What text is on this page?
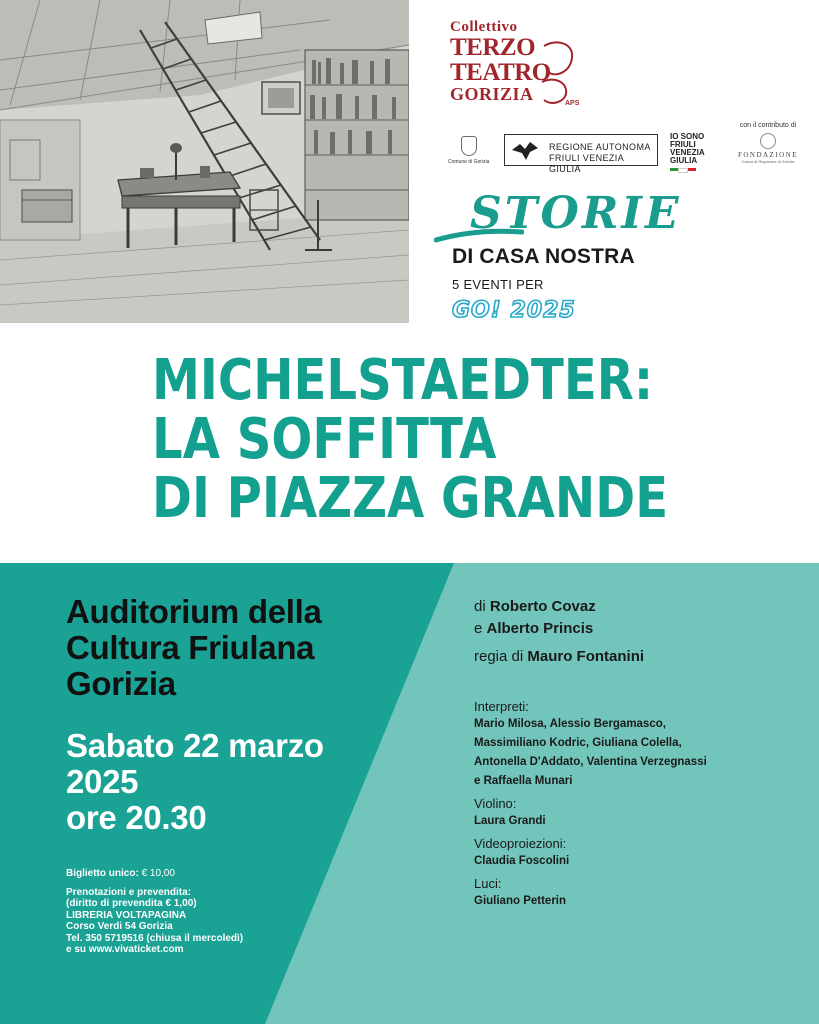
Collettivo
TERZO
TEATRO
GORIZIA	APS
Comune di Gorizia
REGIONE AUTONOMA
FRIULI VENEZIA GIULIA
IO SONO
FRIULI
VENEZIA
GIULIA
con il contributo di
FONDAZIONE
Cassa di Risparmio di Gorizia
STORIE
DI CASA NOSTRA
5 EVENTI PER
GO! 2025
MICHELSTAEDTER:
LA SOFFITTA
DI PIAZZA GRANDE
Auditorium della
Cultura Friulana
Gorizia
Sabato 22 marzo
2025
ore 20.30
Biglietto unico: € 10,00
Prenotazioni e prevendita:
(diritto di prevendita € 1,00)
LIBRERIA VOLTAPAGINA
Corso Verdi 54 Gorizia
Tel. 350 5719516 (chiusa il mercoledì)
e su www.vivaticket.com
di Roberto Covaz
e Alberto Princis
regia di Mauro Fontanini
Interpreti:
Mario Milosa, Alessio Bergamasco,
Massimiliano Kodric, Giuliana Colella,
Antonella D'Addato, Valentina Verzegnassi
e Raffaella Munari
Violino:
Laura Grandi
Videoproiezioni:
Claudia Foscolini
Luci:
Giuliano Petterin
